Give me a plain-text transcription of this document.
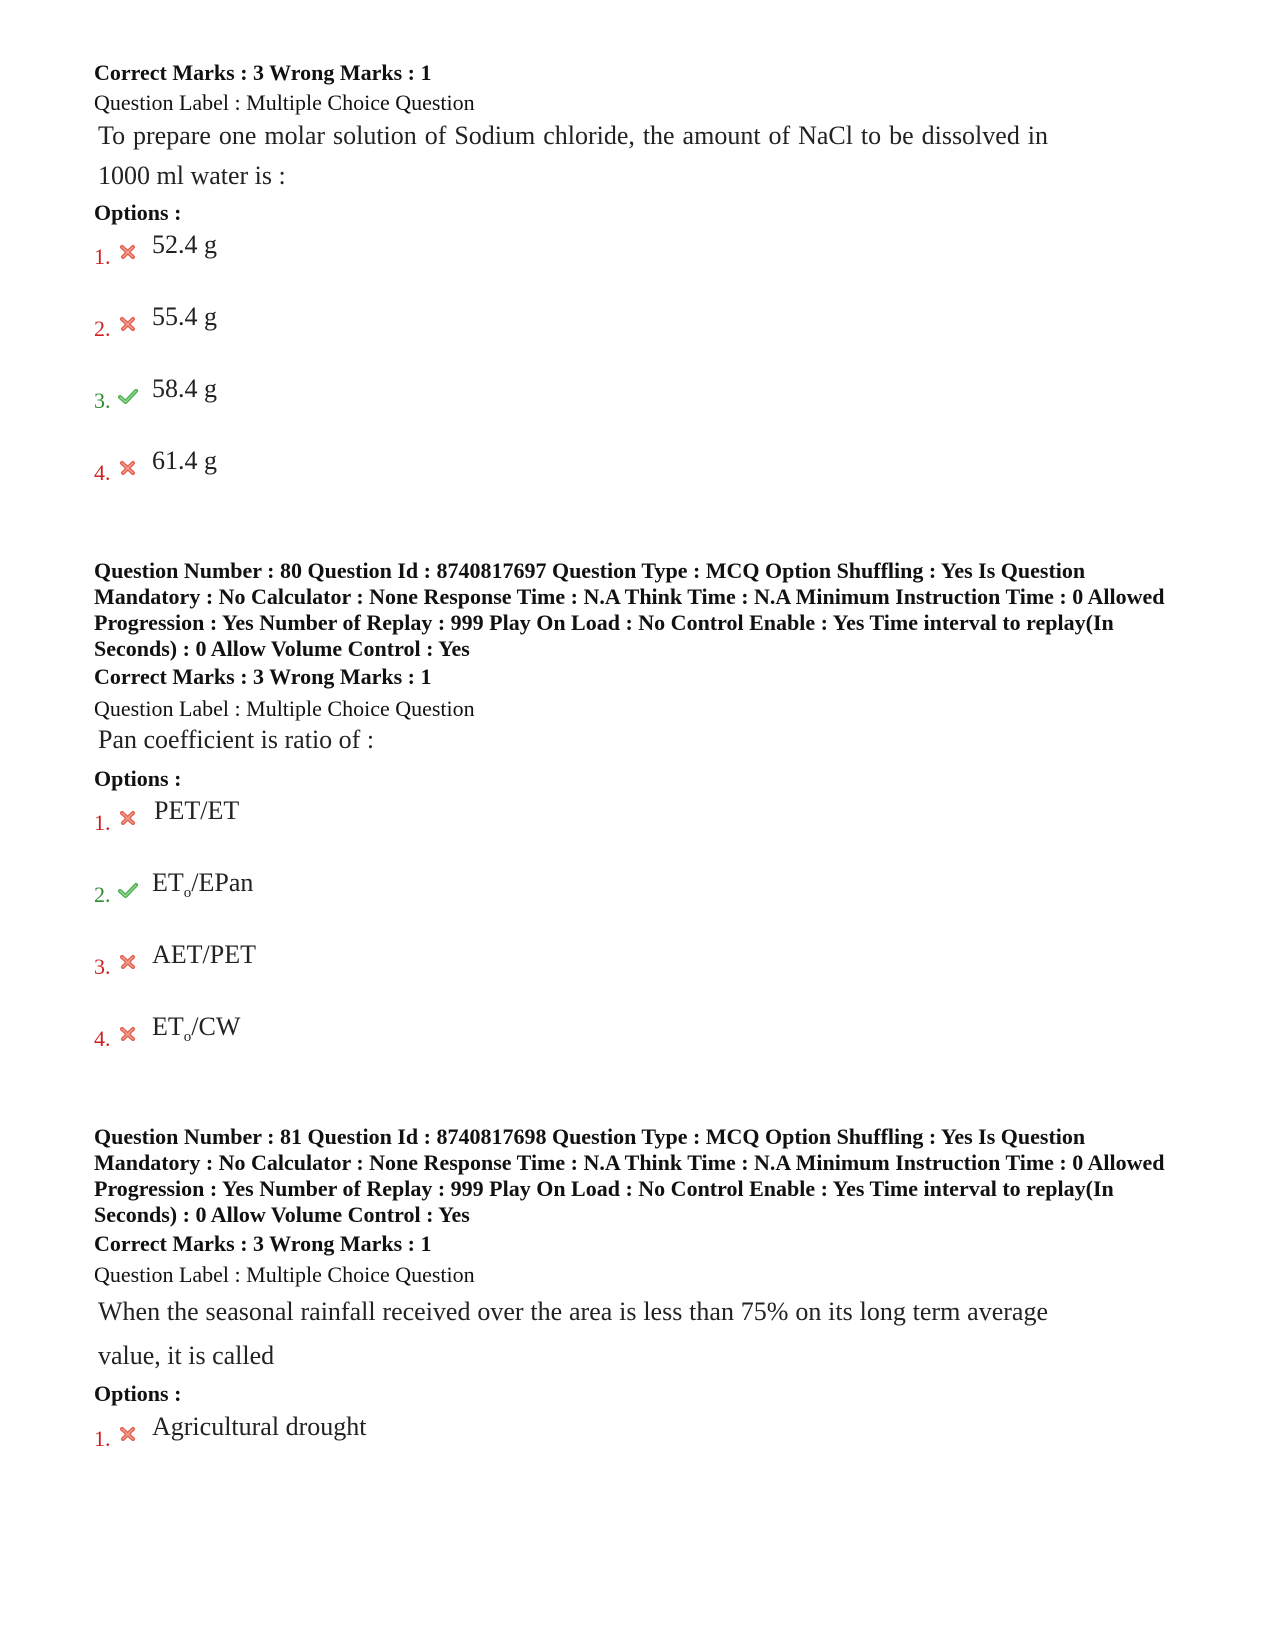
Correct Marks : 3 Wrong Marks : 1
Question Label : Multiple Choice Question
To prepare one molar solution of Sodium chloride, the amount of NaCl to be dissolved in 1000 ml water is :
Options :
1. 52.4 g
2. 55.4 g
3. 58.4 g
4. 61.4 g
Question Number : 80 Question Id : 8740817697 Question Type : MCQ Option Shuffling : Yes Is Question Mandatory : No Calculator : None Response Time : N.A Think Time : N.A Minimum Instruction Time : 0 Allowed Progression : Yes Number of Replay : 999 Play On Load : No Control Enable : Yes Time interval to replay(In Seconds) : 0 Allow Volume Control : Yes
Correct Marks : 3 Wrong Marks : 1
Question Label : Multiple Choice Question
Pan coefficient is ratio of :
Options :
1. PET/ET
2. $ET_o$/EPan
3. AET/PET
4. $ET_o/CW$
Question Number : 81 Question Id : 8740817698 Question Type : MCQ Option Shuffling : Yes Is Question Mandatory : No Calculator : None Response Time : N.A Think Time : N.A Minimum Instruction Time : 0 Allowed Progression : Yes Number of Replay : 999 Play On Load : No Control Enable : Yes Time interval to replay(In Seconds) : 0 Allow Volume Control : Yes
Correct Marks : 3 Wrong Marks : 1
Question Label : Multiple Choice Question
When the seasonal rainfall received over the area is less than 75% on its long term average value, it is called
Options :
1. Agricultural drought
